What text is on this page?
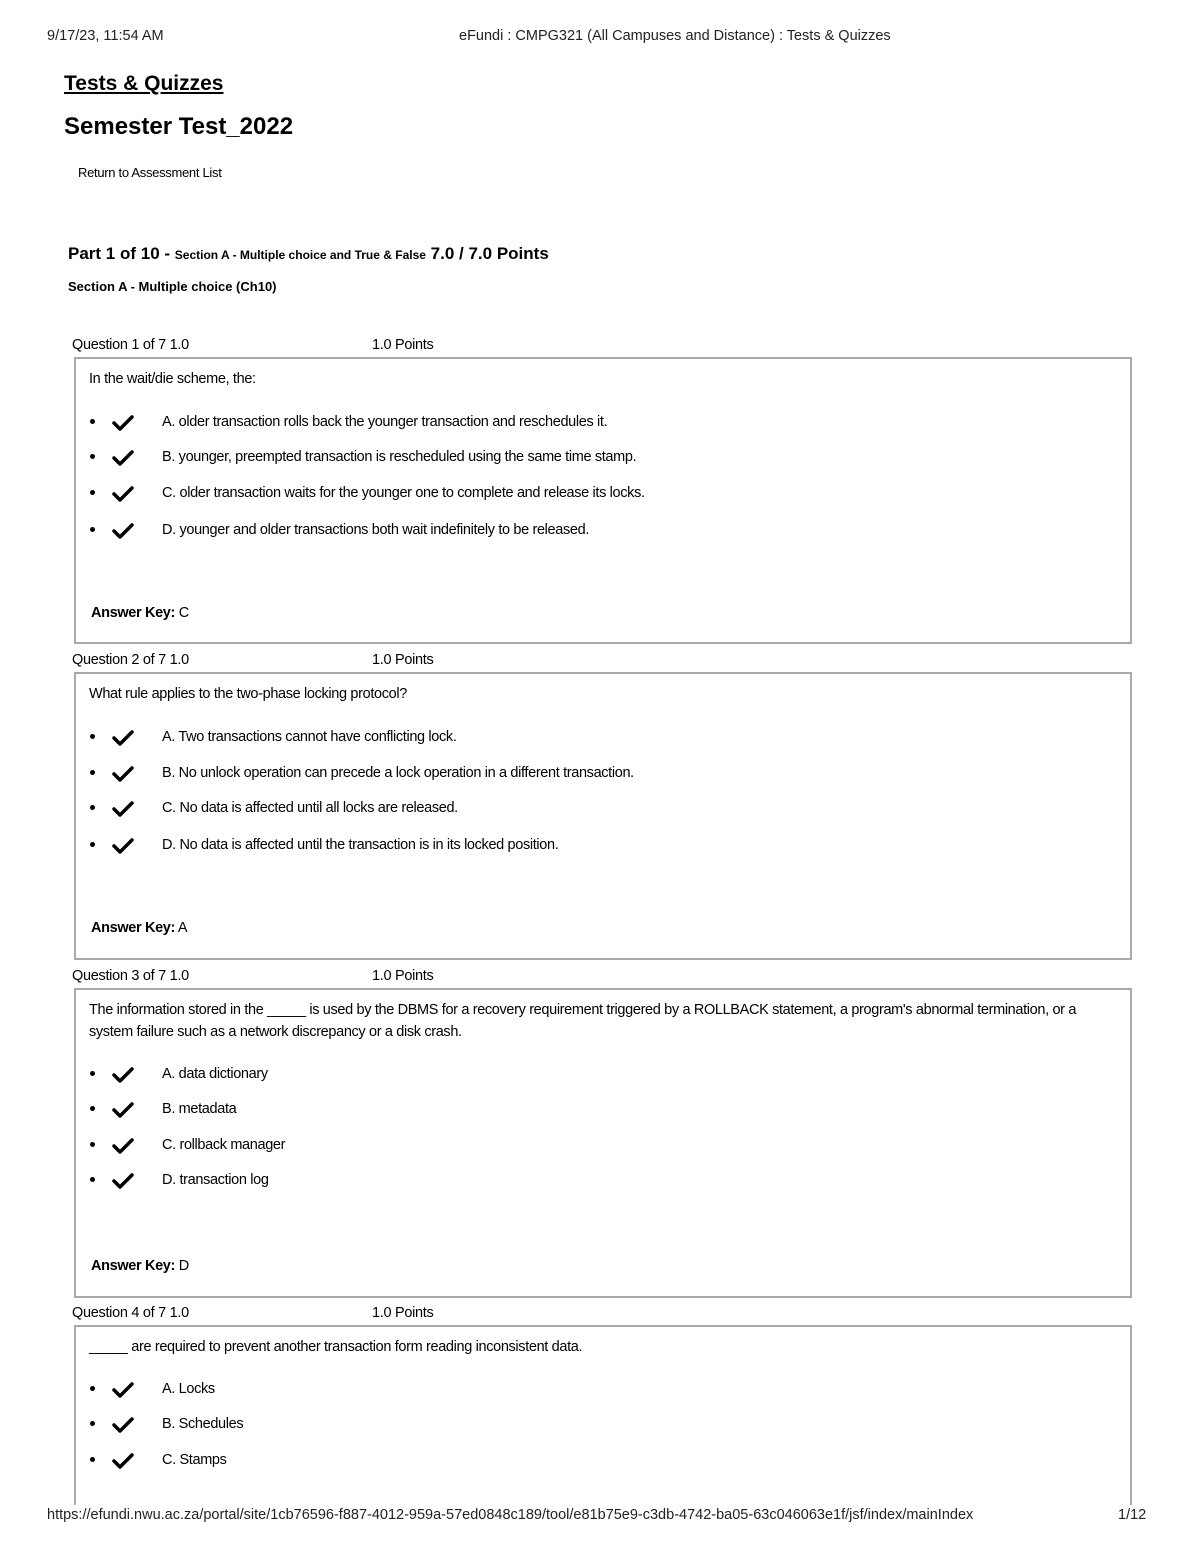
9/17/23, 11:54 AM	eFundi : CMPG321 (All Campuses and Distance) : Tests & Quizzes
Tests & Quizzes
Semester Test_2022
Return to Assessment List
Part 1 of 10 - Section A - Multiple choice and True & False 7.0 / 7.0 Points
Section A - Multiple choice (Ch10)
Question 1 of 7 1.0	1.0 Points
In the wait/die scheme, the:
A. older transaction rolls back the younger transaction and reschedules it.
B. younger, preempted transaction is rescheduled using the same time stamp.
C. older transaction waits for the younger one to complete and release its locks.
D. younger and older transactions both wait indefinitely to be released.
Answer Key: C
Question 2 of 7 1.0	1.0 Points
What rule applies to the two-phase locking protocol?
A. Two transactions cannot have conflicting lock.
B. No unlock operation can precede a lock operation in a different transaction.
C. No data is affected until all locks are released.
D. No data is affected until the transaction is in its locked position.
Answer Key: A
Question 3 of 7 1.0	1.0 Points
The information stored in the _____ is used by the DBMS for a recovery requirement triggered by a ROLLBACK statement, a program's abnormal termination, or a system failure such as a network discrepancy or a disk crash.
A. data dictionary
B. metadata
C. rollback manager
D. transaction log
Answer Key: D
Question 4 of 7 1.0	1.0 Points
_____ are required to prevent another transaction form reading inconsistent data.
A. Locks
B. Schedules
C. Stamps
https://efundi.nwu.ac.za/portal/site/1cb76596-f887-4012-959a-57ed0848c189/tool/e81b75e9-c3db-4742-ba05-63c046063e1f/jsf/index/mainIndex	1/12
